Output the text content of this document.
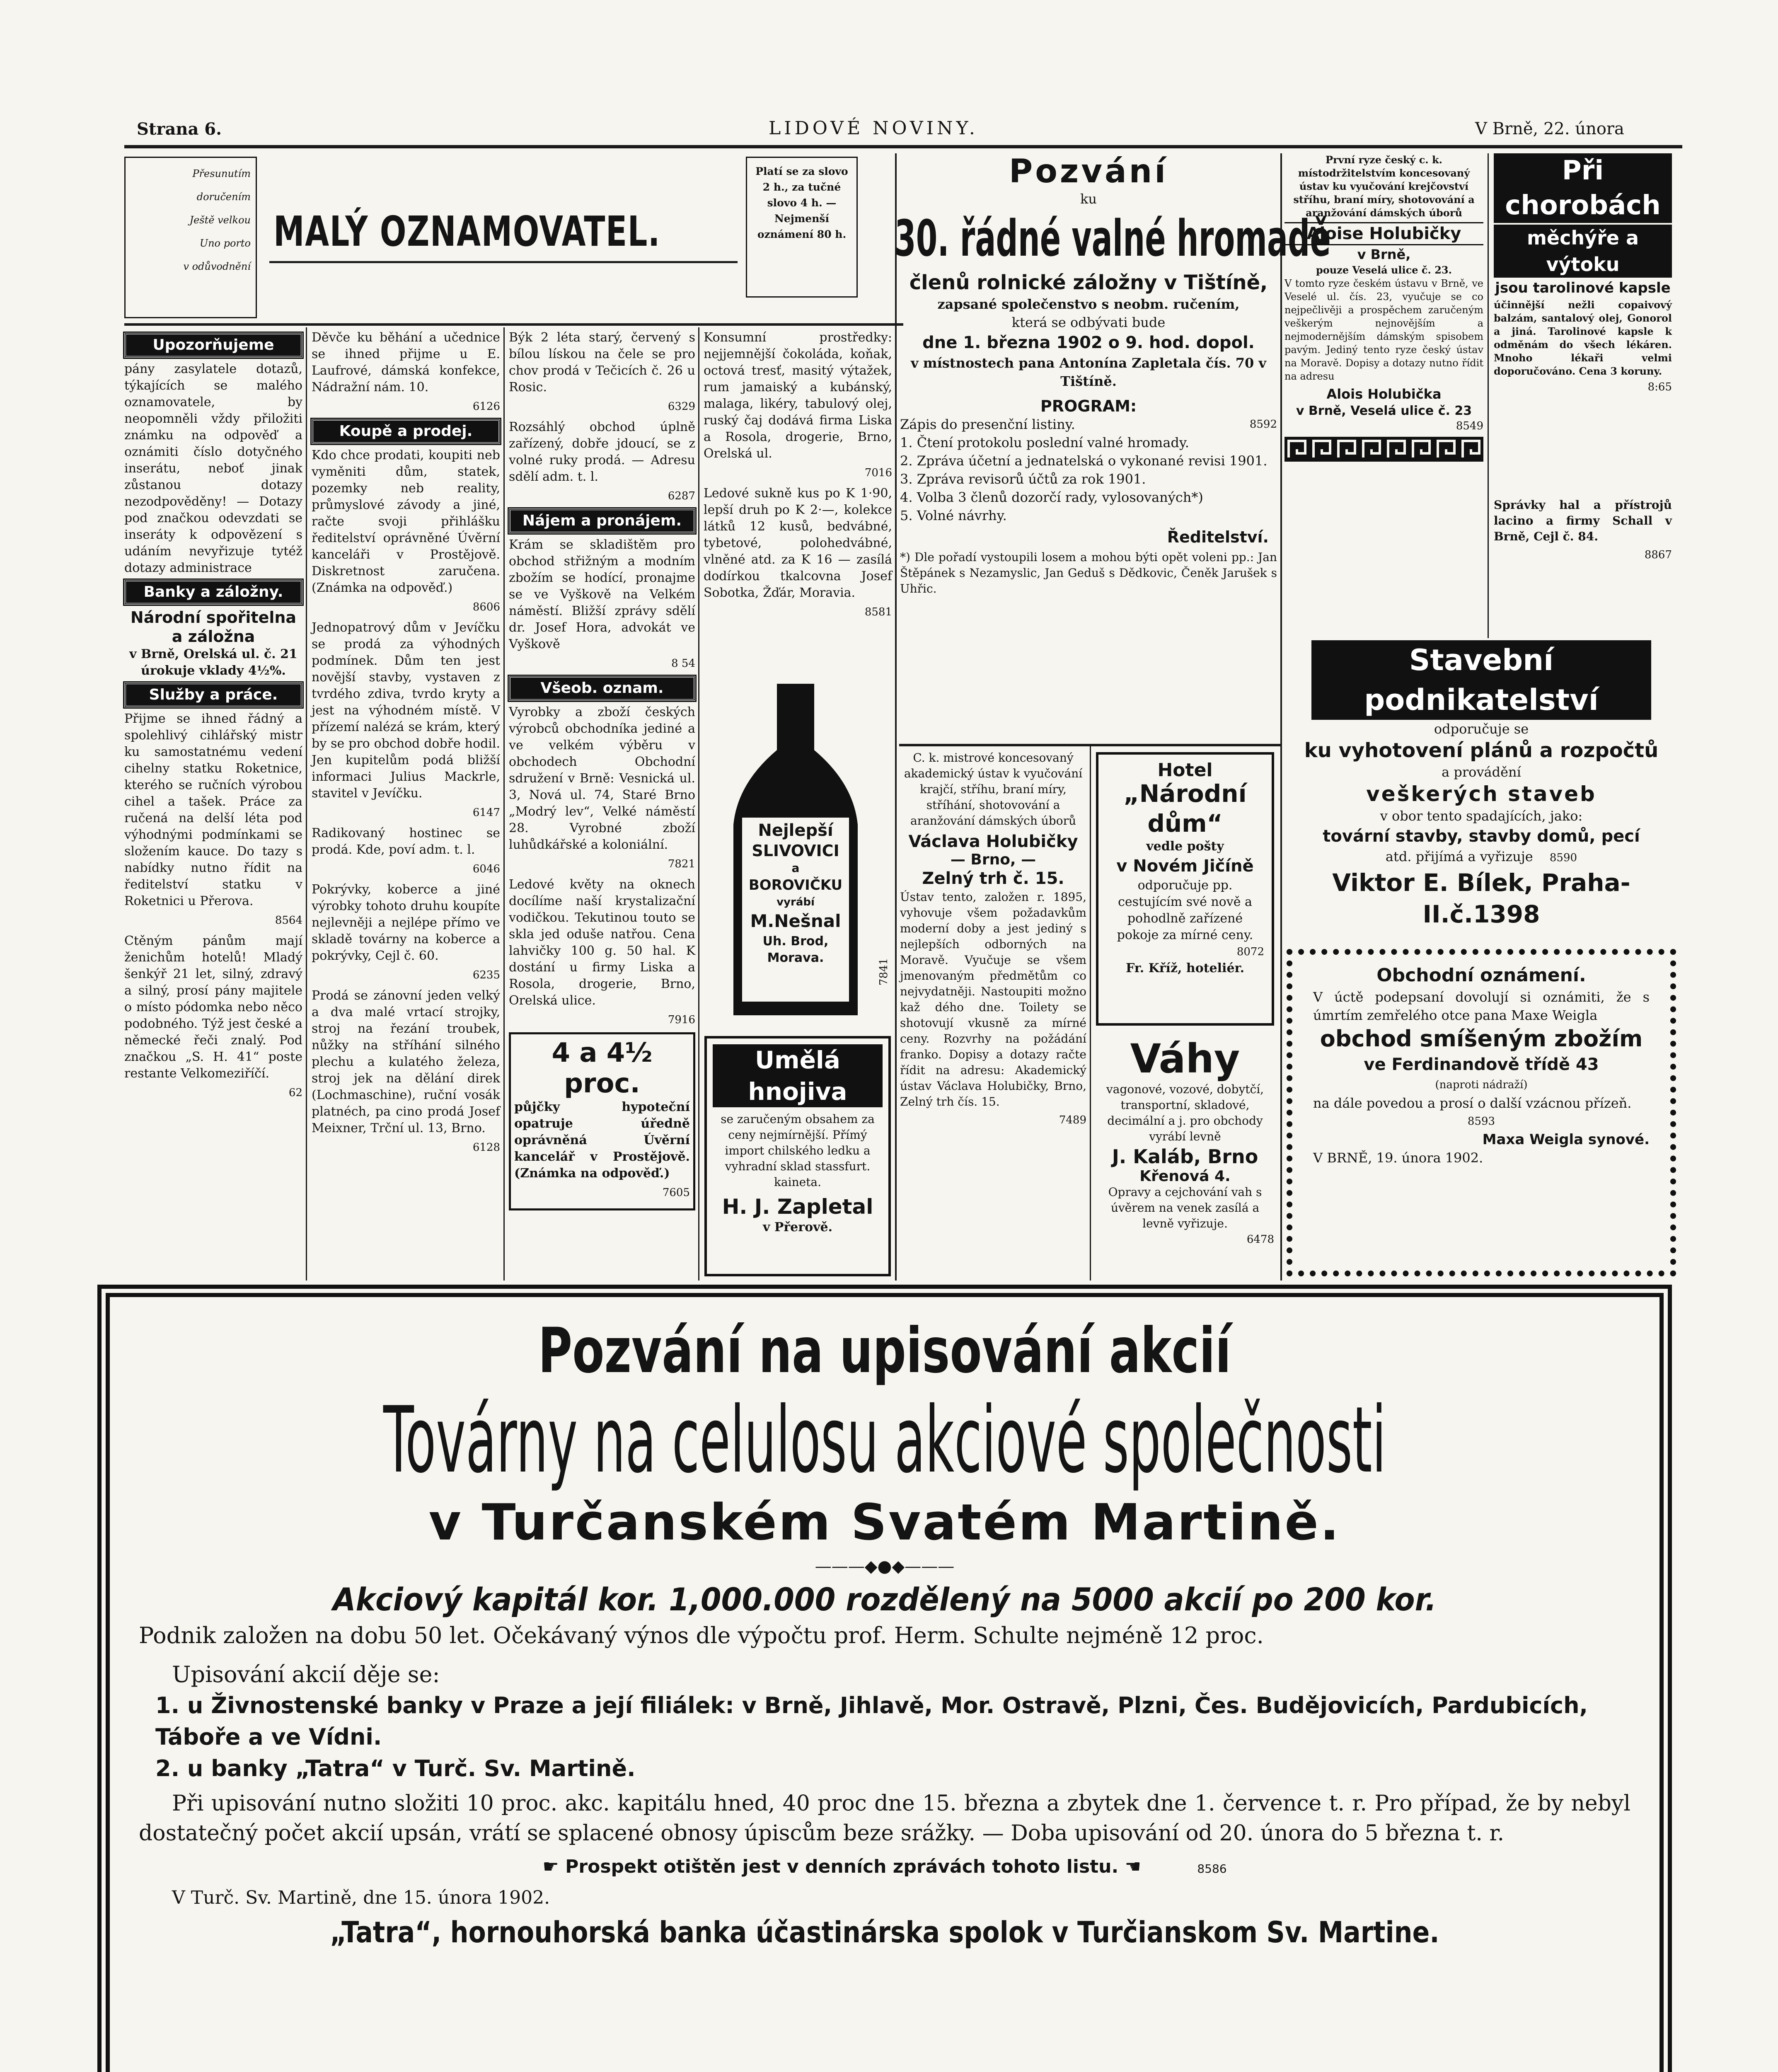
Strana 6.	LIDOVÉ NOVINY.	V Brně, 22. února
Přesunutím
doručením
Ještě velkou
Uno porto
v odůvodnění
MALÝ OZNAMOVATEL.
Platí se za slovo 2 h., za tučné slovo 4 h. — Nejmenší oznámení 80 h.
Upozorňujeme

pány zasylatele dotazů, týkajících se malého oznamovatele, by neopomněli vždy přiložiti známku na odpověď a oznámiti číslo dotyčného inserátu, neboť jinak zůstanou dotazy nezodpověděny! — Dotazy pod značkou odevzdati se inseráty k odpovězení s udáním nevyřizuje tytéž dotazy administrace

Banky a záložny.
Národní spořitelna a záložna

v Brně, Orelská ul. č. 21 úrokuje vklady 4½%.

Služby a práce.

Přijme se ihned řádný a spolehlivý cihlářský mistr ku samostatnému vedení cihelny statku Roketnice, kterého se ručních výrobou cihel a tašek. Práce za ručená na delší léta pod výhodnými podmínkami se složením kauce. Do tazy s nabídky nutno řídit na ředitelství statku v Roketnici u Přerova.

8564

Ctěným pánům mají ženichům hotelů! Mladý šenkýř 21 let, silný, zdravý a silný, prosí pány majitele o místo pódomka nebo něco podobného. Týž jest české a německé řeči znalý. Pod značkou „S. H. 41“ poste restante Velkomeziříčí.

62

Děvče ku běhání a učednice se ihned přijme u E. Laufrové, dámská konfekce, Nádražní nám. 10.

6126
Koupě a prodej.

Kdo chce prodati, koupiti neb vyměniti dům, statek, pozemky neb reality, průmyslové závody a jiné, račte svoji přihlášku ředitelství oprávněné Úvěrní kanceláři v Prostějově. Diskretnost zaručena. (Známka na odpověď.)

8606

Jednopatrový dům v Jevíčku se prodá za výhodných podmínek. Dům ten jest novější stavby, vystaven z tvrdého zdiva, tvrdo kryty a jest na výhodném místě. V přízemí nalézá se krám, který by se pro obchod dobře hodil. Jen kupitelům podá bližší informaci Julius Mackrle, stavitel v Jevíčku.

6147

Radikovaný hostinec se prodá. Kde, poví adm. t. l.

6046

Pokrývky, koberce a jiné výrobky tohoto druhu koupíte nejlevněji a nejlépe přímo ve skladě továrny na koberce a pokrývky, Cejl č. 60.

6235

Prodá se zánovní jeden velký a dva malé vrtací strojky, stroj na řezání troubek, nůžky na stříhání silného plechu a kulatého železa, stroj jek na dělání direk (Lochmaschine), ruční vosák platnéch, pa cino prodá Josef Meixner, Trční ul. 13, Brno.

6128

Býk 2 léta starý, červený s bílou lískou na čele se pro chov prodá v Tečicích č. 26 u Rosic.

6329

Rozsáhlý obchod úplně zařízený, dobře jdoucí, se z volné ruky prodá. — Adresu sdělí adm. t. l.

6287
Nájem a pronájem.

Krám se skladištěm pro obchod střižným a modním zbožím se hodící, pronajme se ve Vyškově na Velkém náměstí. Bližší zprávy sdělí dr. Josef Hora, advokát ve Vyškově

8 54
Všeob. oznam.

Vyrobky a zboží českých výrobců obchodníka jediné a ve velkém výběru v obchodech Obchodní sdružení v Brně: Vesnická ul. 3, Nová ul. 74, Staré Brno „Modrý lev“, Velké náměstí 28. Vyrobné zboží luhůdkářské a koloniální.

7821

Ledové květy na oknech docílíme naší krystalizační vodičkou. Tekutinou touto se skla jed oduše natřou. Cena lahvičky 100 g. 50 hal. K dostání u firmy Liska a Rosola, drogerie, Brno, Orelská ulice.

7916
4 a 4½ proc.

půjčky hypoteční opatruje úředně oprávněná Úvěrní kancelář v Prostějově. (Známka na odpověď.)

7605

Konsumní prostředky: nejjemnější čokoláda, koňak, octová tresť, masitý výtažek, rum jamaiský a kubánský, malaga, likéry, tabulový olej, ruský čaj dodává firma Liska a Rosola, drogerie, Brno, Orelská ul.

7016

Ledové sukně kus po K 1·90, lepší druh po K 2·—, kolekce látků 12 kusů, bedvábné, tybetové, polohedvábné, vlněné atd. za K 16 — zasílá dodírkou tkalcovna Josef Sobotka, Žďár, Moravia.

8581
Nejlepší
SLIVOVICI
a
BOROVIČKU
vyrábí
M.Nešnal
Uh. Brod,
Morava.
7841
Umělá hnojiva
se zaručeným obsahem za ceny nejmírnější. Přímý import chilského ledku a vyhradní sklad stassfurt. kaineta.
H. J. Zapletal
v Přerově.
Pozvání
ku
30. řádné valné hromadě
členů rolnické záložny v Tištíně,
zapsané společenstvo s neobm. ručením,
která se odbývati bude
dne 1. března 1902 o 9. hod. dopol.
v místnostech pana Antonína Zapletala čís. 70 v Tištíně.
PROGRAM:
Zápis do presenční listiny.	8592
1. Čtení protokolu poslední valné hromady.
2. Zpráva účetní a jednatelská o vykonané revisi 1901.
3. Zpráva revisorů účtů za rok 1901.
4. Volba 3 členů dozorčí rady, vylosovaných*)
5. Volné návrhy.
Ředitelství.
*) Dle pořadí vystoupili losem a mohou býti opět voleni pp.: Jan Štěpánek s Nezamyslic, Jan Geduš s Dědkovic, Čeněk Jarušek s Uhřic.

C. k. mistrové koncesovaný akademický ústav k vyučování krajčí, stříhu, braní míry, stříhání, shotovování a aranžování dámských úborů

Václava Holubičky
— Brno, —
Zelný trh č. 15.

Ústav tento, založen r. 1895, vyhovuje všem požadavkům moderní doby a jest jediný s nejlepších odborných na Moravě. Vyučuje se všem jmenovaným předmětům co nejvydatněji. Nastoupiti možno kaž dého dne. Toilety se shotovují vkusně za mírné ceny. Rozvrhy na požádání franko. Dopisy a dotazy račte řídit na adresu: Akademický ústav Václava Holubičky, Brno, Zelný trh čís. 15.

7489
Hotel
„Národní dům“
vedle pošty
v Novém Jičíně
odporučuje pp. cestujícím své nově a pohodlně zařízené pokoje za mírné ceny.
8072
Fr. Kříž, hoteliér.
Váhy
vagonové, vozové, dobytčí, transportní, skladové, decimální a j. pro obchody vyrábí levně
J. Kaláb, Brno
Křenová 4.
Opravy a cejchování vah s úvěrem na venek zasílá a levně vyřizuje.
6478

První ryze český c. k. místodržitelstvím koncesovaný ústav ku vyučování krejčovství stříhu, braní míry, shotovování a aranžování dámských úborů

Aloise Holubičky
v Brně,
pouze Veselá ulice č. 23.

V tomto ryze českém ústavu v Brně, ve Veselé ul. čís. 23, vyučuje se co nejpečlivěji a prospěchem zaručeným veškerým nejnovějším a nejmodernějším dámským spisobem pavým. Jediný tento ryze český ústav na Moravě. Dopisy a dotazy nutno řídit na adresu

Alois Holubička
v Brně, Veselá ulice č. 23
8549
Při chorobách
měchýře a výtoku
jsou tarolinové kapsle

účinnější nežli copaivový balzám, santalový olej, Gonorol a jiná. Tarolinové kapsle k odměnám do všech lékáren. Mnoho lékaři velmi doporučováno. Cena 3 koruny.

8:65

Správky hal a přístrojů lacino a firmy Schall v Brně, Cejl č. 84.

8867
Stavební podnikatelství
odporučuje se
ku vyhotovení plánů a rozpočtů
a provádění
veškerých staveb
v obor tento spadajících, jako:
tovární stavby, stavby domů, pecí
atd. přijímá a vyřizuje 8590
Viktor E. Bílek, Praha-II.č.1398
Obchodní oznámení.
V úctě podepsaní dovolují si oznámiti, že s úmrtím zemřelého otce pana Maxe Weigla
obchod smíšeným zbožím
ve Ferdinandově třídě 43
(naproti nádraží)
na dále povedou a prosí o další vzácnou přízeň.
8593
Maxa Weigla synové.
V BRNĚ, 19. února 1902.
Pozvání na upisování akcií
Továrny na celulosu akciové společnosti
v Turčanském Svatém Martině.
———◆●◆———
Akciový kapitál kor. 1,000.000 rozdělený na 5000 akcií po 200 kor.
Podnik založen na dobu 50 let. Očekávaný výnos dle výpočtu prof. Herm. Schulte nejméně 12 proc.
Upisování akcií děje se:
1. u Živnostenské banky v Praze a její filiálek: v Brně, Jihlavě, Mor. Ostravě, Plzni, Čes. Budějovicích, Pardubicích, Táboře a ve Vídni.
2. u banky „Tatra“ v Turč. Sv. Martině.
Při upisování nutno složiti 10 proc. akc. kapitálu hned, 40 proc dne 15. března a zbytek dne 1. července t. r. Pro případ, že by nebyl dostatečný počet akcií upsán, vrátí se splacené obnosy úpiscům beze srážky. — Doba upisování od 20. února do 5 března t. r.
☛ Prospekt otištěn jest v denních zprávách tohoto listu. ☚	8586
V Turč. Sv. Martině, dne 15. února 1902.
„Tatra“, hornouhorská banka účastinárska spolok v Turčianskom Sv. Martine.
